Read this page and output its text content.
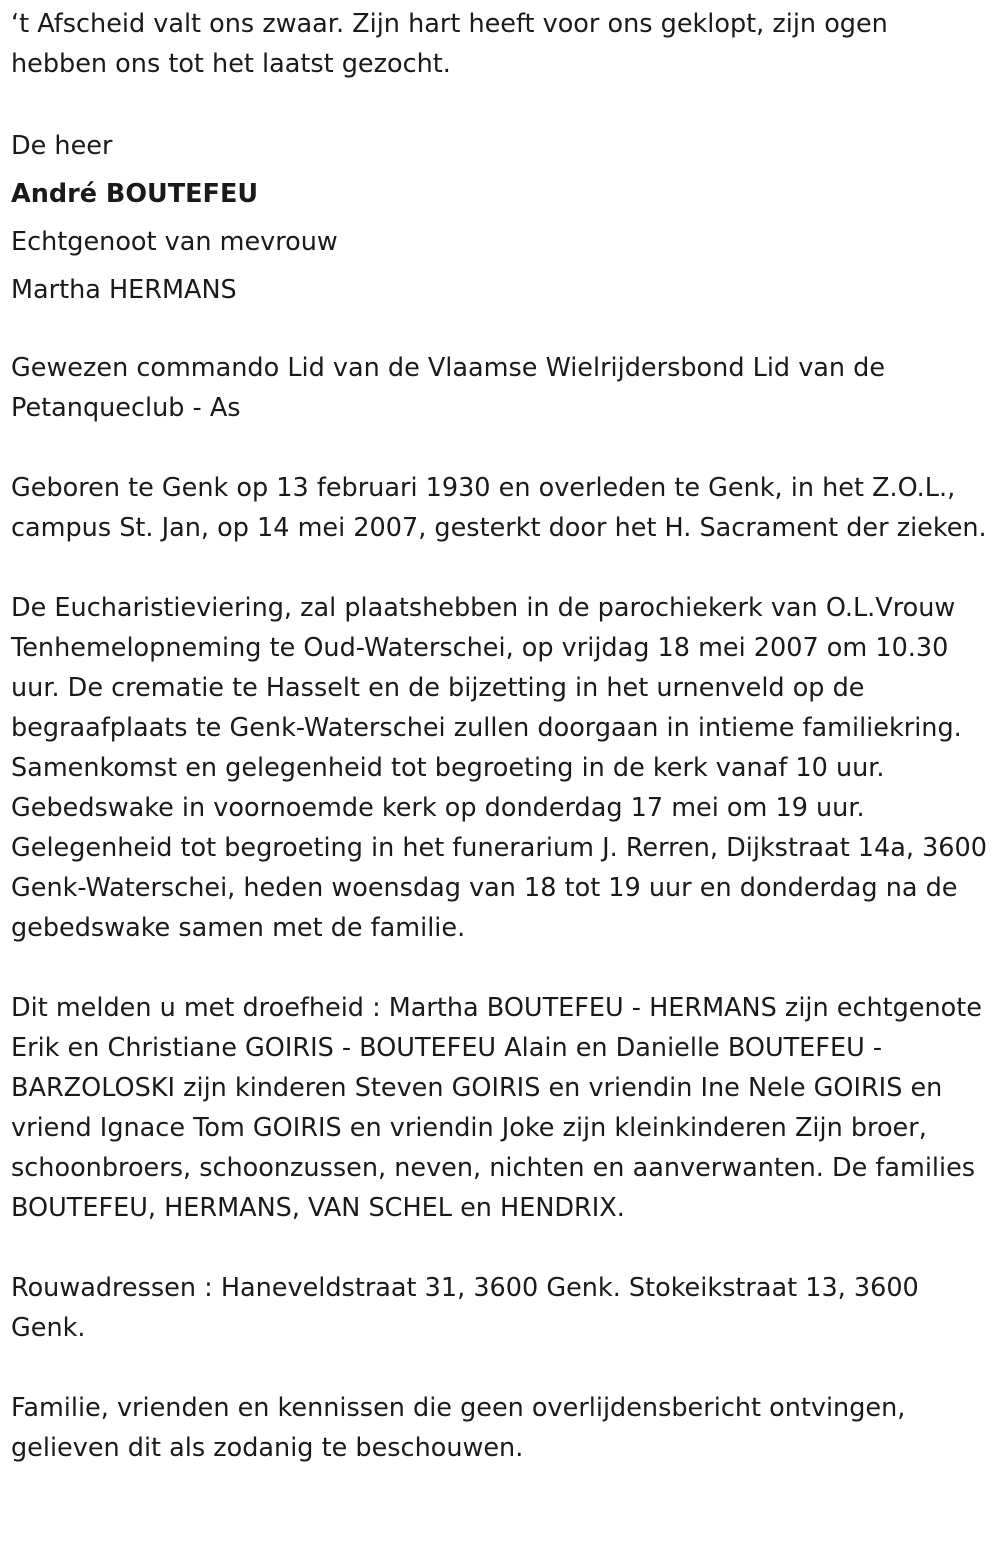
‘t Afscheid valt ons zwaar. Zijn hart heeft voor ons geklopt, zijn ogen hebben ons tot het laatst gezocht.

De heer
André BOUTEFEU
Echtgenoot van mevrouw
Martha HERMANS

Gewezen commando Lid van de Vlaamse Wielrijdersbond Lid van de Petanqueclub - As

Geboren te Genk op 13 februari 1930 en overleden te Genk, in het Z.O.L., campus St. Jan, op 14 mei 2007, gesterkt door het H. Sacrament der zieken.

De Eucharistieviering, zal plaatshebben in de parochiekerk van O.L.Vrouw Tenhemelopneming te Oud-Waterschei, op vrijdag 18 mei 2007 om 10.30 uur. De crematie te Hasselt en de bijzetting in het urnenveld op de begraafplaats te Genk-Waterschei zullen doorgaan in intieme familiekring. Samenkomst en gelegenheid tot begroeting in de kerk vanaf 10 uur. Gebedswake in voornoemde kerk op donderdag 17 mei om 19 uur. Gelegenheid tot begroeting in het funerarium J. Rerren, Dijkstraat 14a, 3600 Genk-Waterschei, heden woensdag van 18 tot 19 uur en donderdag na de gebedswake samen met de familie.

Dit melden u met droefheid : Martha BOUTEFEU - HERMANS zijn echtgenote Erik en Christiane GOIRIS - BOUTEFEU Alain en Danielle BOUTEFEU - BARZOLOSKI zijn kinderen Steven GOIRIS en vriendin Ine Nele GOIRIS en vriend Ignace Tom GOIRIS en vriendin Joke zijn kleinkinderen Zijn broer, schoonbroers, schoonzussen, neven, nichten en aanverwanten. De families BOUTEFEU, HERMANS, VAN SCHEL en HENDRIX.

Rouwadressen : Haneveldstraat 31, 3600 Genk. Stokeikstraat 13, 3600 Genk.

Familie, vrienden en kennissen die geen overlijdensbericht ontvingen, gelieven dit als zodanig te beschouwen.
